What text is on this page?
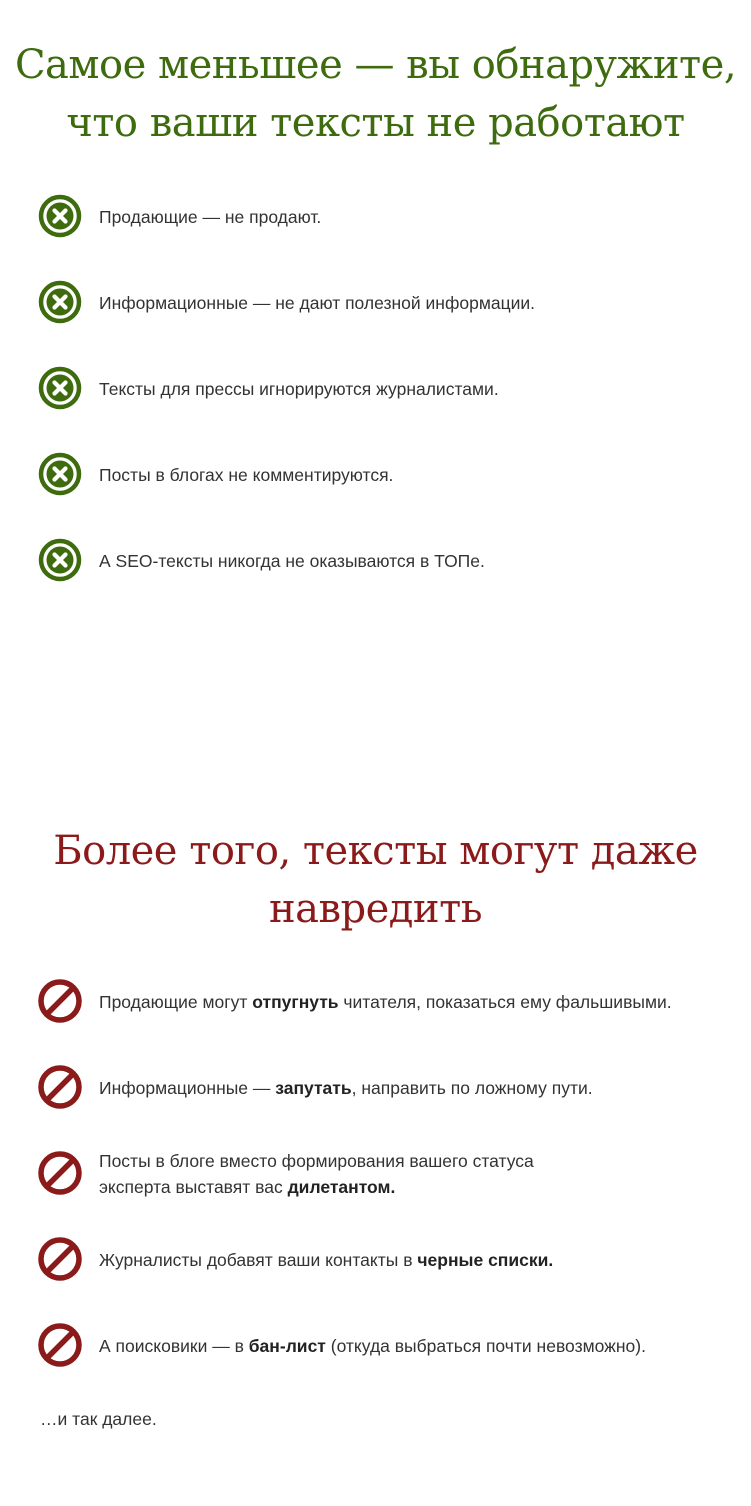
Самое меньшее — вы обнаружите,
что ваши тексты не работают
Продающие — не продают.
Информационные — не дают полезной информации.
Тексты для прессы игнорируются журналистами.
Посты в блогах не комментируются.
А SEO-тексты никогда не оказываются в ТОПе.
Более того, тексты могут даже
навредить
Продающие могут отпугнуть читателя, показаться ему фальшивыми.
Информационные — запутать, направить по ложному пути.
Посты в блоге вместо формирования вашего статуса
эксперта выставят вас дилетантом.
Журналисты добавят ваши контакты в черные списки.
А поисковики — в бан-лист (откуда выбраться почти невозможно).

…и так далее.
